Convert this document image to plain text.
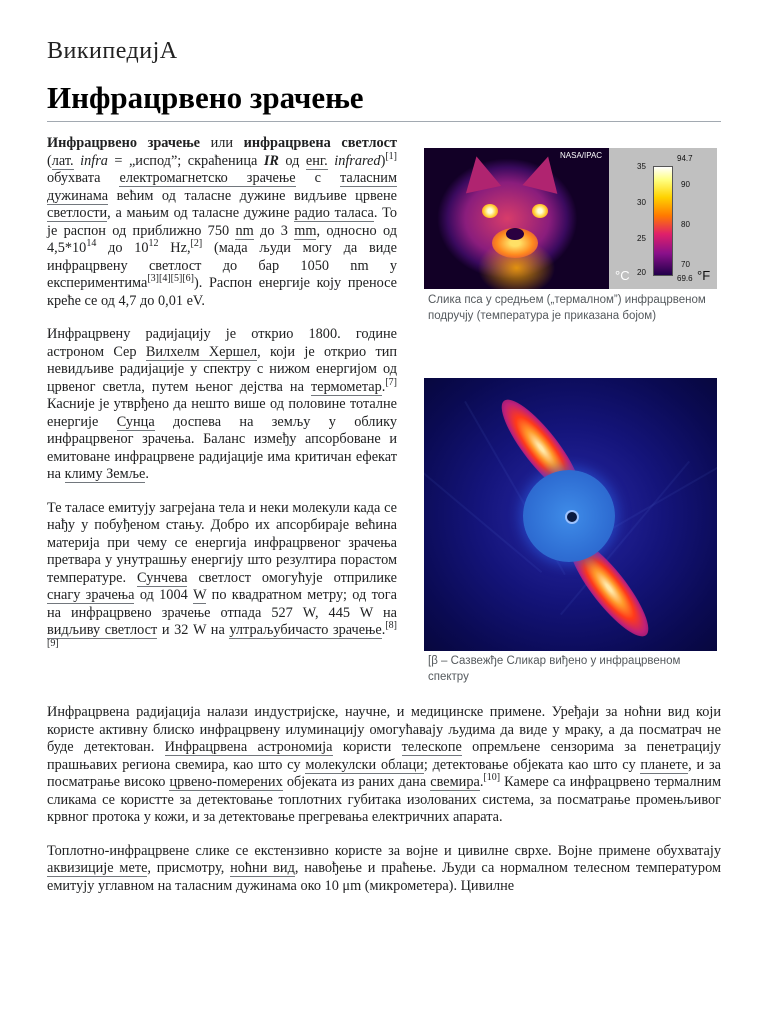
ВикипедијА
Инфрацрвено зрачење

Инфрацрвено зрачење или инфрацрвена светлост (лат. infra = „испод”; скраћеница IR од енг. infrared)[1] обухвата електромагнетско зрачење с таласним дужинама већим од таласне дужине видљиве црвене светлости, а мањим од таласне дужине радио таласа. То је распон од приближно 750 nm до 3 mm, односно од $4,5*10^{14}$ до $10^{12}$ Hz,[2] (мада људи могу да виде инфрацрвену светлост до бар 1050 nm у експериментима[3][4][5][6]). Распон енергије коју преносе креће се од 4,7 до 0,01 eV.

Инфрацрвену радијацију је открио 1800. године астроном Сер Вилхелм Хершел, који је открио тип невидљиве радијације у спектру с нижом енергијом од црвеног светла, путем њеног дејства на термометар.[7] Касније је утврђено да нешто више од половине тоталне енергије Сунца доспева на земљу у облику инфрацрвеног зрачења. Баланс између апсорбоване и емитоване инфрацрвене радијације има критичан ефекат на климу Земље.

Те таласе емитују загрејана тела и неки молекули када се нађу у побуђеном стању. Добро их апсорбирaје већина материја при чему се енергија инфрацрвеног зрачења претвара у унутрашњу енергију што резултира порастом температуре. Сунчева светлост омогућује отприлике снагу зрачења од 1004 W по квадратном метру; од тога на инфрацрвено зрачење отпада 527 W, 445 W на видљиву светлост и 32 W на ултраљубичасто зрачење.[8][9]

Инфрацрвена радијација налази индустријске, научне, и медицинске примене. Уређаји за ноћни вид који користе активну блиско инфрацрвену илуминацију омогућавају људима да виде у мраку, а да посматрач не буде детектован. Инфрацрвена астрономија користи телескопе опремљене сензорима за пенетрацију прашњавих региона свемира, као што су молекулски облаци; детектовање објеката као што су планете, и за посматрање високо црвено-померених објеката из раних дана свемира.[10] Камере са инфрацрвено термалним сликама се користте за детектовање топлотних губитака изолованих система, за посматрање промењљивог крвног протока у кожи, и за детектовање прегревања електричних апарата.

Топлотно-инфрацрвене слике се екстензивно користе за војне и цивилне сврхе. Војне примене обухватају аквизиције мете, присмотру, ноћни вид, навођење и праћење. Људи са нормалном телесном температуром емитују углавном на таласним дужинама око 10 μm (микрометера). Цивилне

NASA/IPAC
35
30
25
20
94.7
90
80
70
69.6
°C	°F
Слика пса у средњем („термалном”) инфрацрвеном подручју (температура је приказана бојом)
[β – Сазвежђе Сликар виђено у инфрацрвеном спектру
